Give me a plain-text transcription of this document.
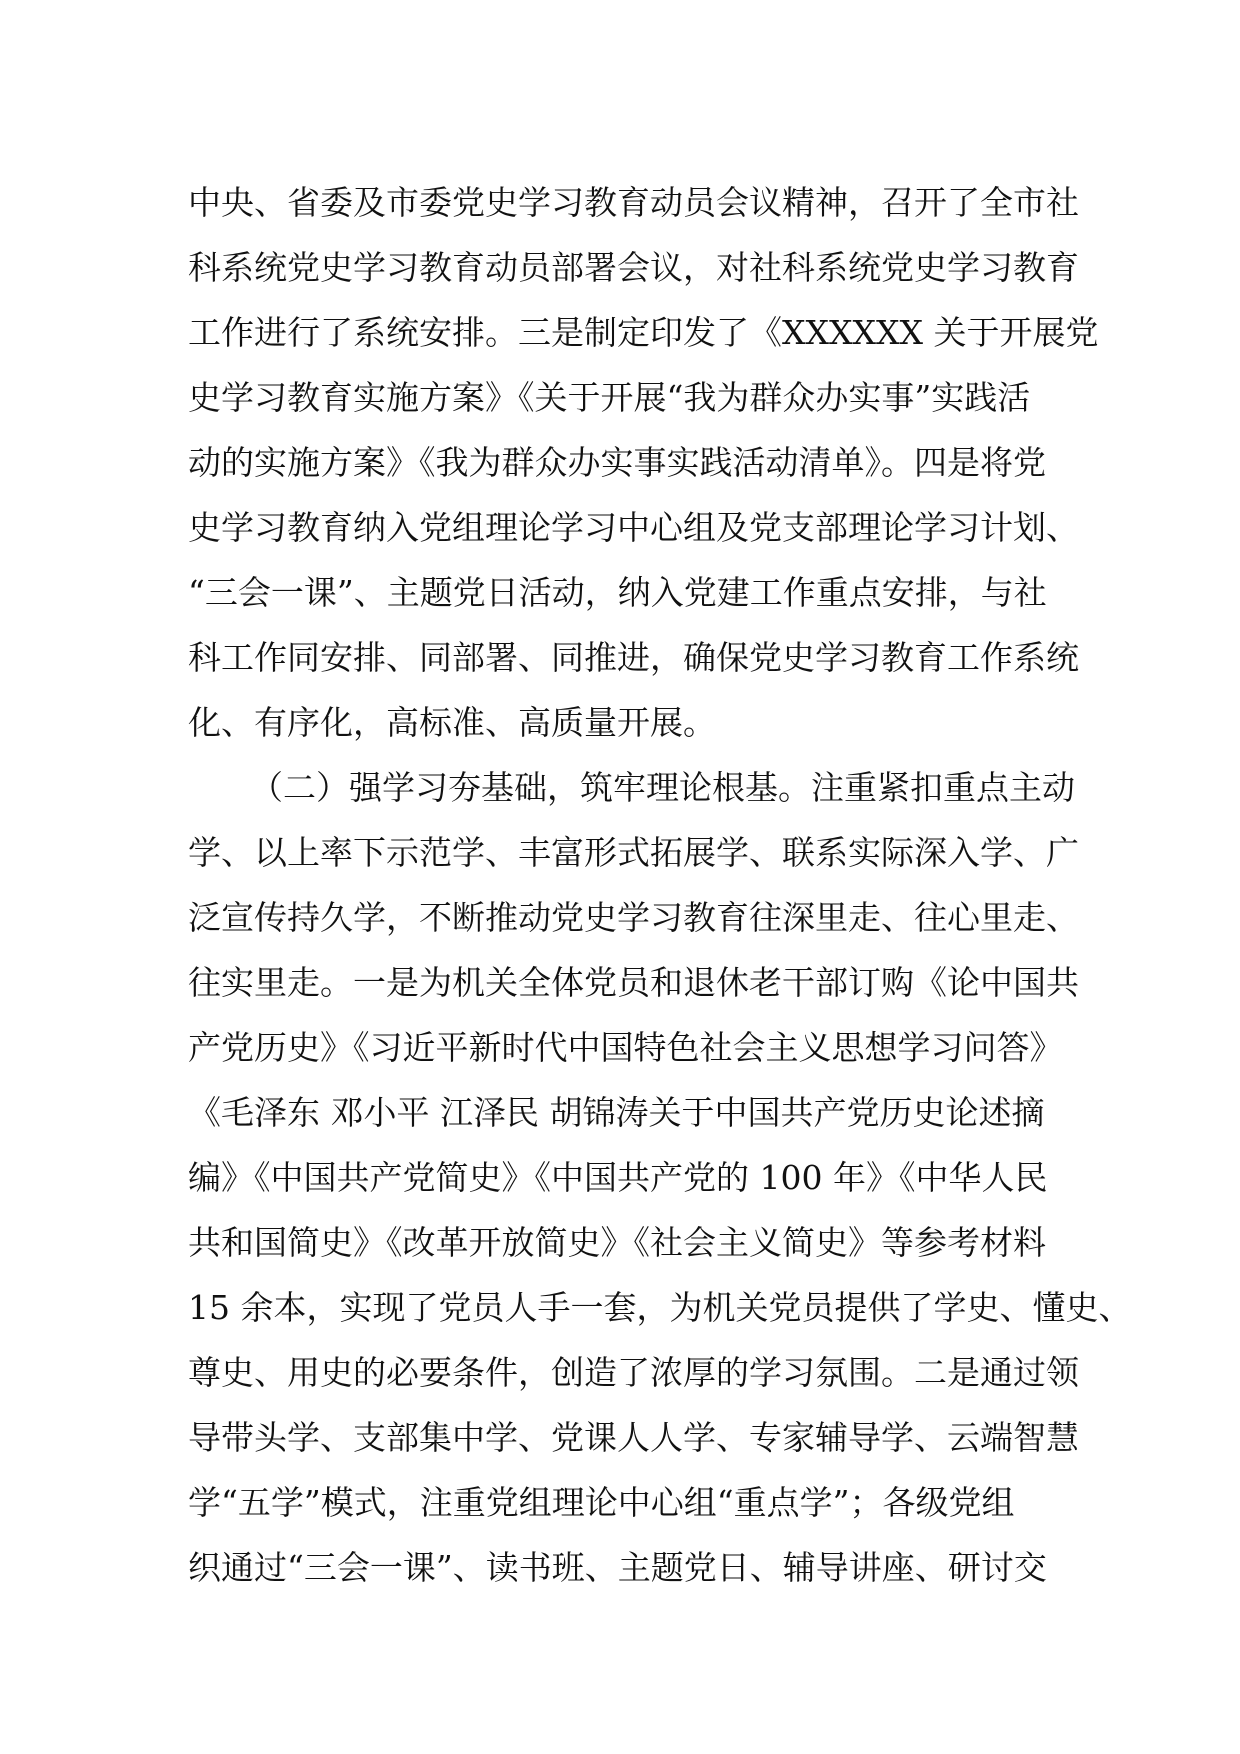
中央、省委及市委党史学习教育动员会议精神，召开了全市社
科系统党史学习教育动员部署会议，对社科系统党史学习教育
工作进行了系统安排。三是制定印发了《XXXXXX 关于开展党
史学习教育实施方案》《关于开展“我为群众办实事”实践活
动的实施方案》《我为群众办实事实践活动清单》。四是将党
史学习教育纳入党组理论学习中心组及党支部理论学习计划、
“三会一课”、主题党日活动，纳入党建工作重点安排，与社
科工作同安排、同部署、同推进，确保党史学习教育工作系统
化、有序化，高标准、高质量开展。
（二）强学习夯基础，筑牢理论根基。注重紧扣重点主动
学、以上率下示范学、丰富形式拓展学、联系实际深入学、广
泛宣传持久学，不断推动党史学习教育往深里走、往心里走、
往实里走。一是为机关全体党员和退休老干部订购《论中国共
产党历史》《习近平新时代中国特色社会主义思想学习问答》
《毛泽东 邓小平 江泽民 胡锦涛关于中国共产党历史论述摘
编》《中国共产党简史》《中国共产党的 100 年》《中华人民
共和国简史》《改革开放简史》《社会主义简史》等参考材料
15 余本，实现了党员人手一套，为机关党员提供了学史、懂史、
尊史、用史的必要条件，创造了浓厚的学习氛围。二是通过领
导带头学、支部集中学、党课人人学、专家辅导学、云端智慧
学“五学”模式，注重党组理论中心组“重点学”；各级党组
织通过“三会一课”、读书班、主题党日、辅导讲座、研讨交
